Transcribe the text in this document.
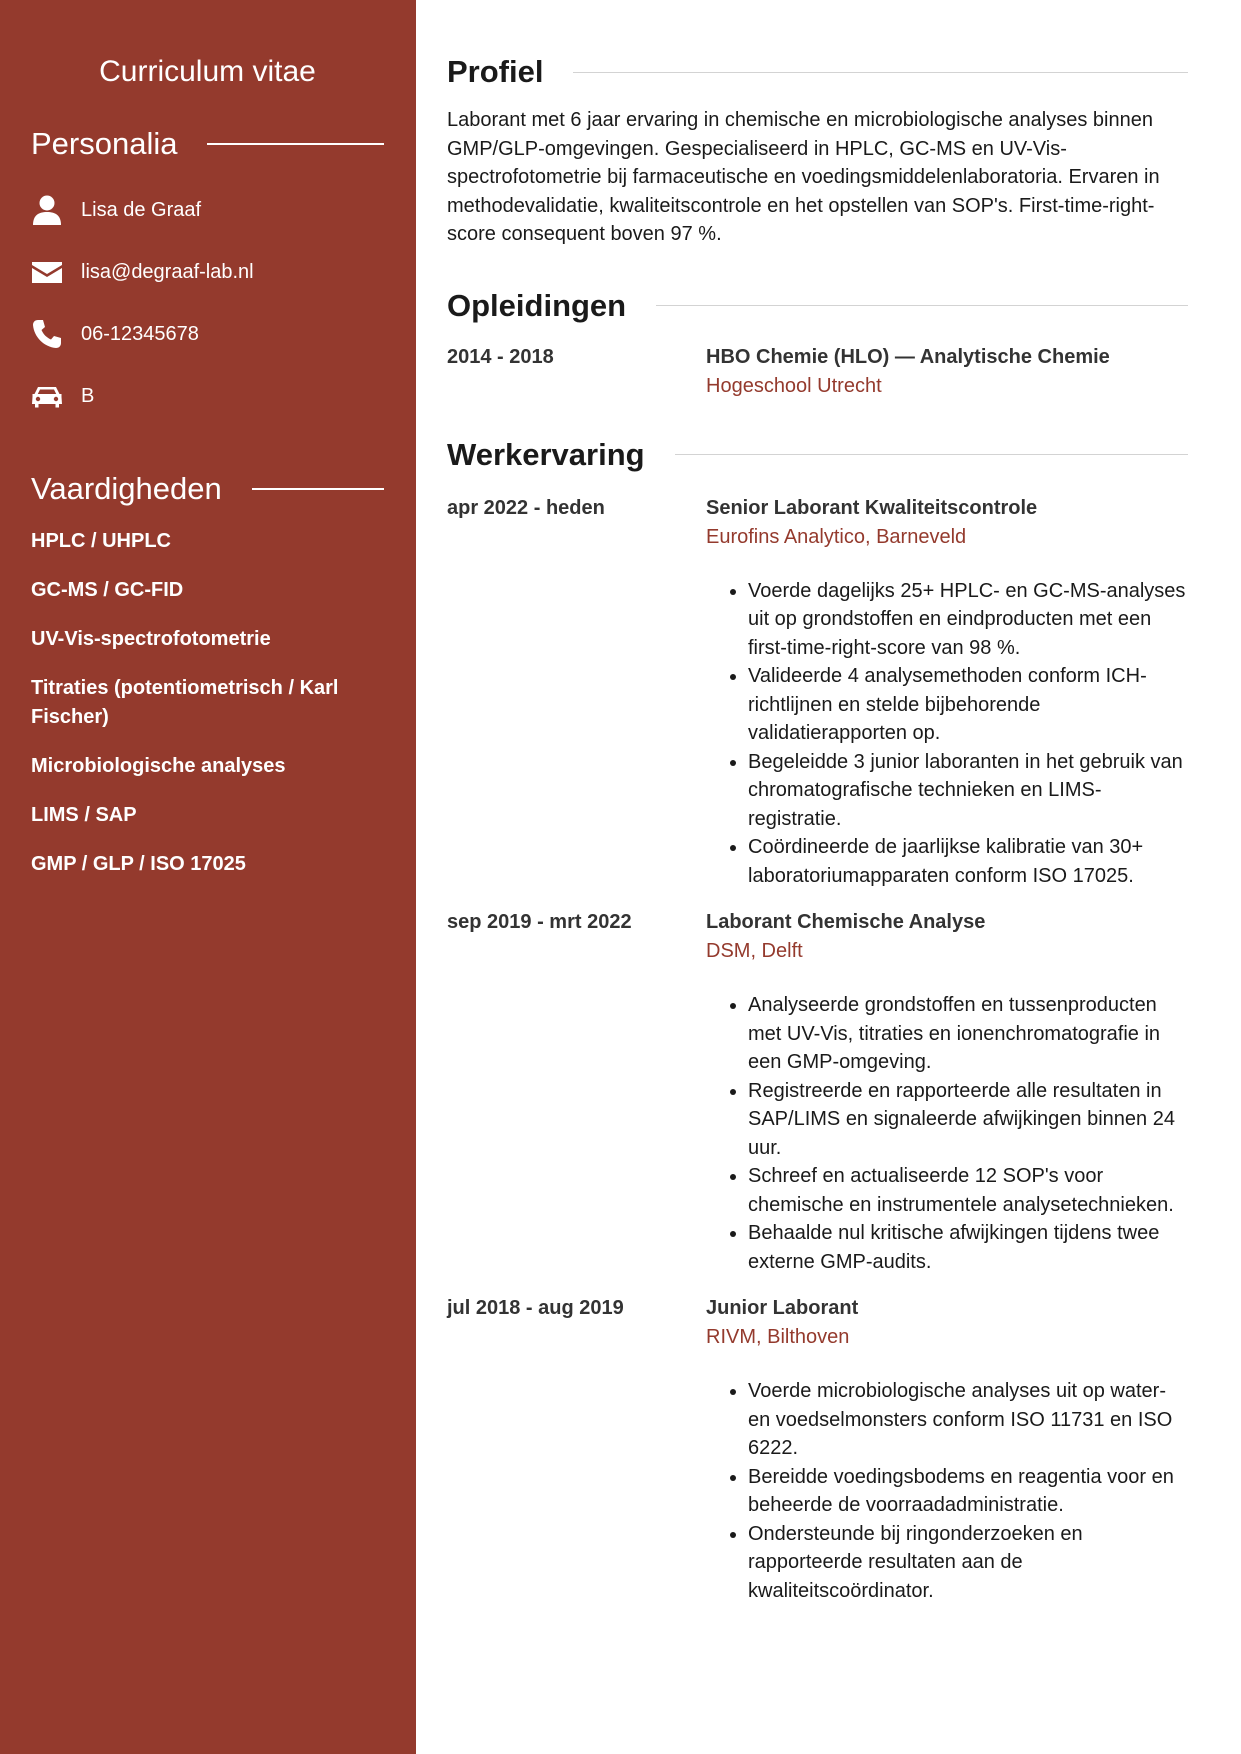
Curriculum vitae
Personalia
Lisa de Graaf
lisa@degraaf-lab.nl
06-12345678
B
Vaardigheden
HPLC / UHPLC
GC-MS / GC-FID
UV-Vis-spectrofotometrie
Titraties (potentiometrisch / Karl Fischer)
Microbiologische analyses
LIMS / SAP
GMP / GLP / ISO 17025
Profiel

Laborant met 6 jaar ervaring in chemische en microbiologische analyses binnen GMP/GLP-omgevingen. Gespecialiseerd in HPLC, GC-MS en UV-Vis-spectrofotometrie bij farmaceutische en voedingsmiddelenlaboratoria. Ervaren in methodevalidatie, kwaliteitscontrole en het opstellen van SOP's. First-time-right-score consequent boven 97 %.

Opleidingen
2014 - 2018	HBO Chemie (HLO) — Analytische Chemie
Hogeschool Utrecht
Werkervaring
apr 2022 - heden	Senior Laborant Kwaliteitscontrole
Eurofins Analytico, Barneveld
• Voerde dagelijks 25+ HPLC- en GC-MS-analyses uit op grondstoffen en eindproducten met een first-time-right-score van 98 %.
• Valideerde 4 analysemethoden conform ICH-richtlijnen en stelde bijbehorende validatierapporten op.
• Begeleidde 3 junior laboranten in het gebruik van chromatografische technieken en LIMS-registratie.
• Coördineerde de jaarlijkse kalibratie van 30+ laboratoriumapparaten conform ISO 17025.
sep 2019 - mrt 2022	Laborant Chemische Analyse
DSM, Delft
• Analyseerde grondstoffen en tussenproducten met UV-Vis, titraties en ionenchromatografie in een GMP-omgeving.
• Registreerde en rapporteerde alle resultaten in SAP/LIMS en signaleerde afwijkingen binnen 24 uur.
• Schreef en actualiseerde 12 SOP's voor chemische en instrumentele analysetechnieken.
• Behaalde nul kritische afwijkingen tijdens twee externe GMP-audits.
jul 2018 - aug 2019	Junior Laborant
RIVM, Bilthoven
• Voerde microbiologische analyses uit op water- en voedselmonsters conform ISO 11731 en ISO 6222.
• Bereidde voedingsbodems en reagentia voor en beheerde de voorraadadministratie.
• Ondersteunde bij ringonderzoeken en rapporteerde resultaten aan de kwaliteitscoördinator.
